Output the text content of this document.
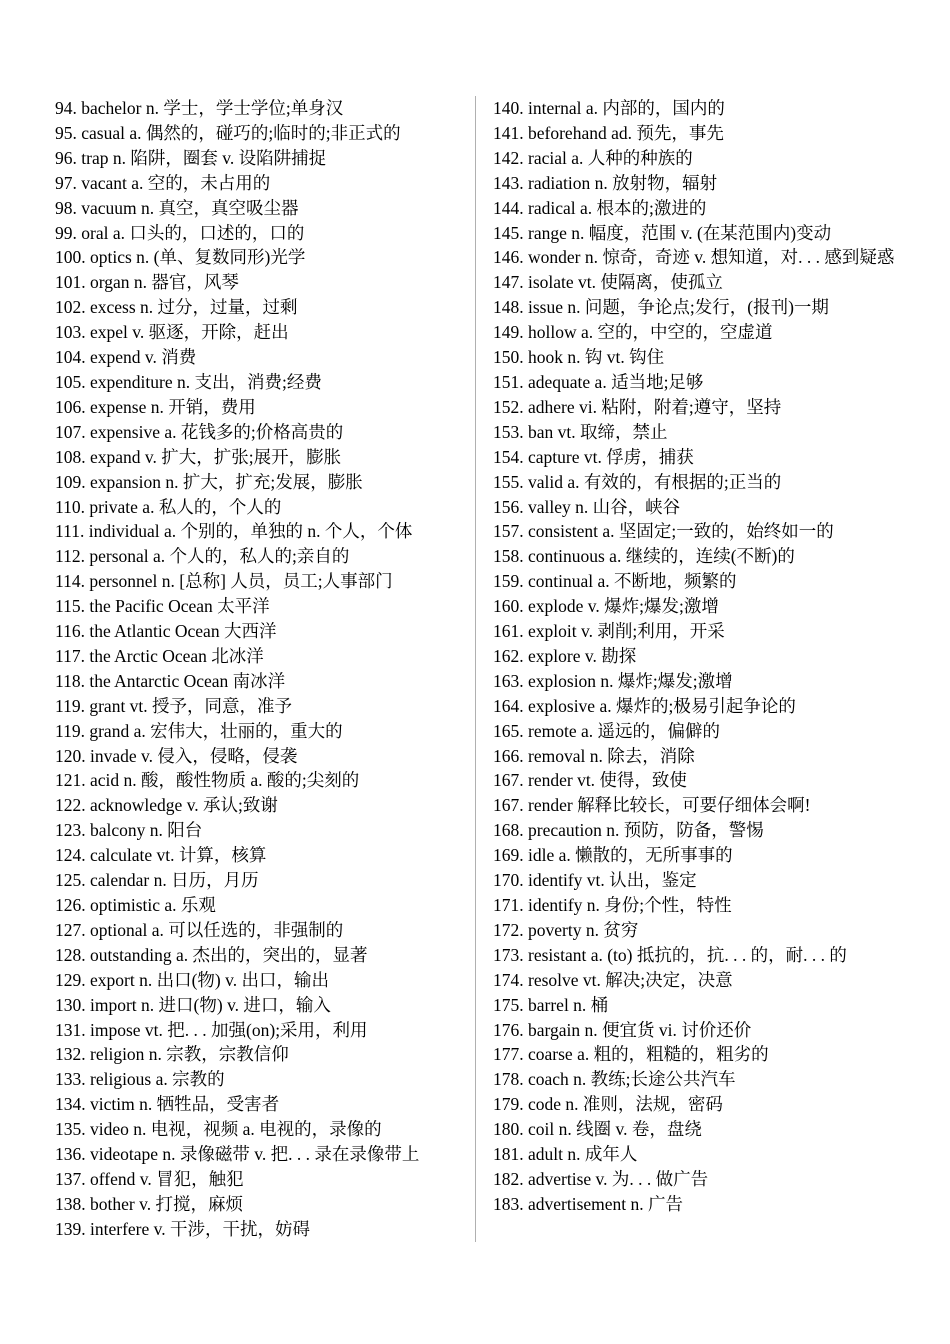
94. bachelor n. 学士，学士学位;单身汉
95. casual a. 偶然的，碰巧的;临时的;非正式的
96. trap n. 陷阱，圈套 v. 设陷阱捕捉
97. vacant a. 空的，未占用的
98. vacuum n. 真空，真空吸尘器
99. oral a. 口头的，口述的，口的
100. optics n. (单、复数同形)光学
101. organ n. 器官，风琴
102. excess n. 过分，过量，过剩
103. expel v. 驱逐，开除，赶出
104. expend v. 消费
105. expenditure n. 支出，消费;经费
106. expense n. 开销，费用
107. expensive a. 花钱多的;价格高贵的
108. expand v. 扩大，扩张;展开，膨胀
109. expansion n. 扩大，扩充;发展，膨胀
110. private a. 私人的，个人的
111. individual a. 个别的，单独的 n. 个人，个体
112. personal a. 个人的，私人的;亲自的
114. personnel n. [总称] 人员，员工;人事部门
115. the Pacific Ocean 太平洋
116. the Atlantic Ocean 大西洋
117. the Arctic Ocean 北冰洋
118. the Antarctic Ocean 南冰洋
119. grant vt. 授予，同意，准予
119. grand a. 宏伟大，壮丽的，重大的
120. invade v. 侵入，侵略，侵袭
121. acid n. 酸，酸性物质 a. 酸的;尖刻的
122. acknowledge v. 承认;致谢
123. balcony n. 阳台
124. calculate vt. 计算，核算
125. calendar n. 日历，月历
126. optimistic a. 乐观
127. optional a. 可以任选的，非强制的
128. outstanding a. 杰出的，突出的，显著
129. export n. 出口(物) v. 出口，输出
130. import n. 进口(物) v. 进口，输入
131. impose vt. 把. . . 加强(on);采用，利用
132. religion n. 宗教，宗教信仰
133. religious a. 宗教的
134. victim n. 牺牲品，受害者
135. video n. 电视，视频 a. 电视的，录像的
136. videotape n. 录像磁带 v. 把. . . 录在录像带上
137. offend v. 冒犯，触犯
138. bother v. 打搅，麻烦
139. interfere v. 干涉，干扰，妨碍
140. internal a. 内部的，国内的
141. beforehand ad. 预先，事先
142. racial a. 人种的种族的
143. radiation n. 放射物，辐射
144. radical a. 根本的;激进的
145. range n. 幅度，范围 v. (在某范围内)变动
146. wonder n. 惊奇，奇迹 v. 想知道，对. . . 感到疑惑
147. isolate vt. 使隔离，使孤立
148. issue n. 问题，争论点;发行，(报刊)一期
149. hollow a. 空的，中空的，空虚道
150. hook n. 钩 vt. 钩住
151. adequate a. 适当地;足够
152. adhere vi. 粘附，附着;遵守，坚持
153. ban vt. 取缔，禁止
154. capture vt. 俘虏，捕获
155. valid a. 有效的，有根据的;正当的
156. valley n. 山谷，峡谷
157. consistent a. 坚固定;一致的，始终如一的
158. continuous a. 继续的，连续(不断)的
159. continual a. 不断地，频繁的
160. explode v. 爆炸;爆发;激增
161. exploit v. 剥削;利用，开采
162. explore v. 勘探
163. explosion n. 爆炸;爆发;激增
164. explosive a. 爆炸的;极易引起争论的
165. remote a. 遥远的，偏僻的
166. removal n. 除去，消除
167. render vt. 使得，致使
167. render 解释比较长，可要仔细体会啊!
168. precaution n. 预防，防备，警惕
169. idle a. 懒散的，无所事事的
170. identify vt. 认出，鉴定
171. identify n. 身份;个性，特性
172. poverty n. 贫穷
173. resistant a. (to) 抵抗的，抗. . . 的，耐. . . 的
174. resolve vt. 解决;决定，决意
175. barrel n. 桶
176. bargain n. 便宜货 vi. 讨价还价
177. coarse a. 粗的，粗糙的，粗劣的
178. coach n. 教练;长途公共汽车
179. code n. 准则，法规，密码
180. coil n. 线圈 v. 卷，盘绕
181. adult n. 成年人
182. advertise v. 为. . . 做广告
183. advertisement n. 广告
